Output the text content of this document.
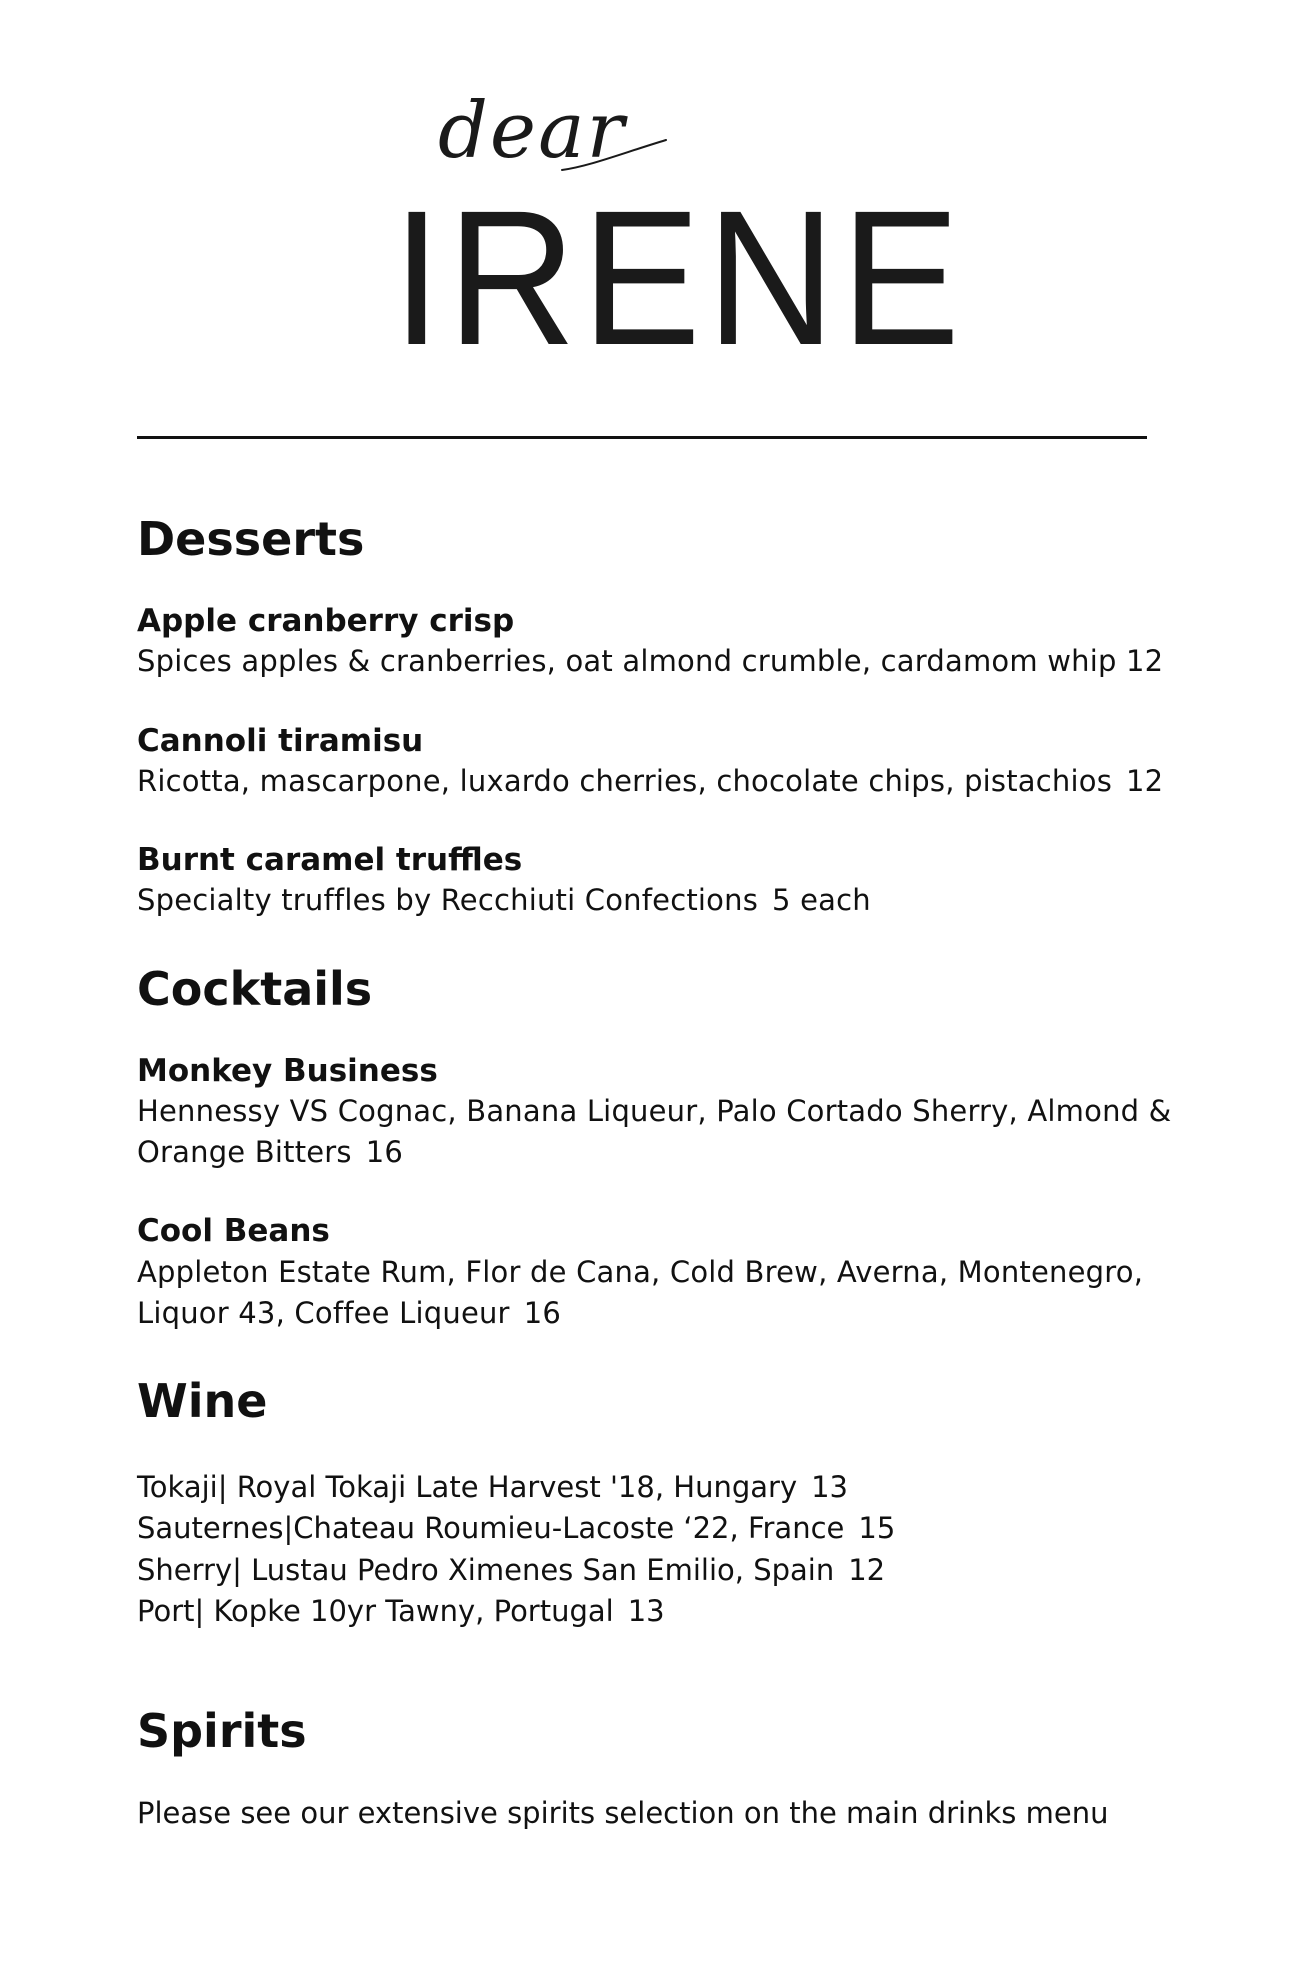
dear
IRENE
Desserts

Apple cranberry crisp

Spices apples & cranberries, oat almond crumble, cardamom whip 12

Cannoli tiramisu

Ricotta, mascarpone, luxardo cherries, chocolate chips, pistachios 12

Burnt caramel truffles

Specialty truffles by Recchiuti Confections 5 each

Cocktails

Monkey Business

Hennessy VS Cognac, Banana Liqueur, Palo Cortado Sherry, Almond &

Orange Bitters 16

Cool Beans

Appleton Estate Rum, Flor de Cana, Cold Brew, Averna, Montenegro,

Liquor 43, Coffee Liqueur 16

Wine

Tokaji| Royal Tokaji Late Harvest '18, Hungary 13

Sauternes|Chateau Roumieu-Lacoste ‘22, France 15

Sherry| Lustau Pedro Ximenes San Emilio, Spain 12

Port| Kopke 10yr Tawny, Portugal 13

Spirits

Please see our extensive spirits selection on the main drinks menu
